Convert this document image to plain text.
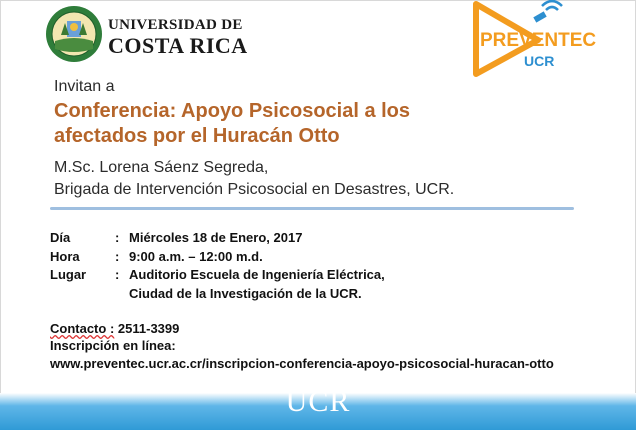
UNIVERSIDAD DE
COSTA RICA	PREVENTEC
UCR
Invitan a
Conferencia: Apoyo Psicosocial a los
afectados por el Huracán Otto
M.Sc. Lorena Sáenz Segreda,
Brigada de Intervención Psicosocial en Desastres, UCR.
Día	: Miércoles 18 de Enero, 2017
Hora	: 9:00 a.m. – 12:00 m.d.
Lugar	: Auditorio Escuela de Ingeniería Eléctrica,
Ciudad de la Investigación de la UCR.
Contacto : 2511-3399
Inscripción en línea:
www.preventec.ucr.ac.cr/inscripcion-conferencia-apoyo-psicosocial-huracan-otto
UCR
